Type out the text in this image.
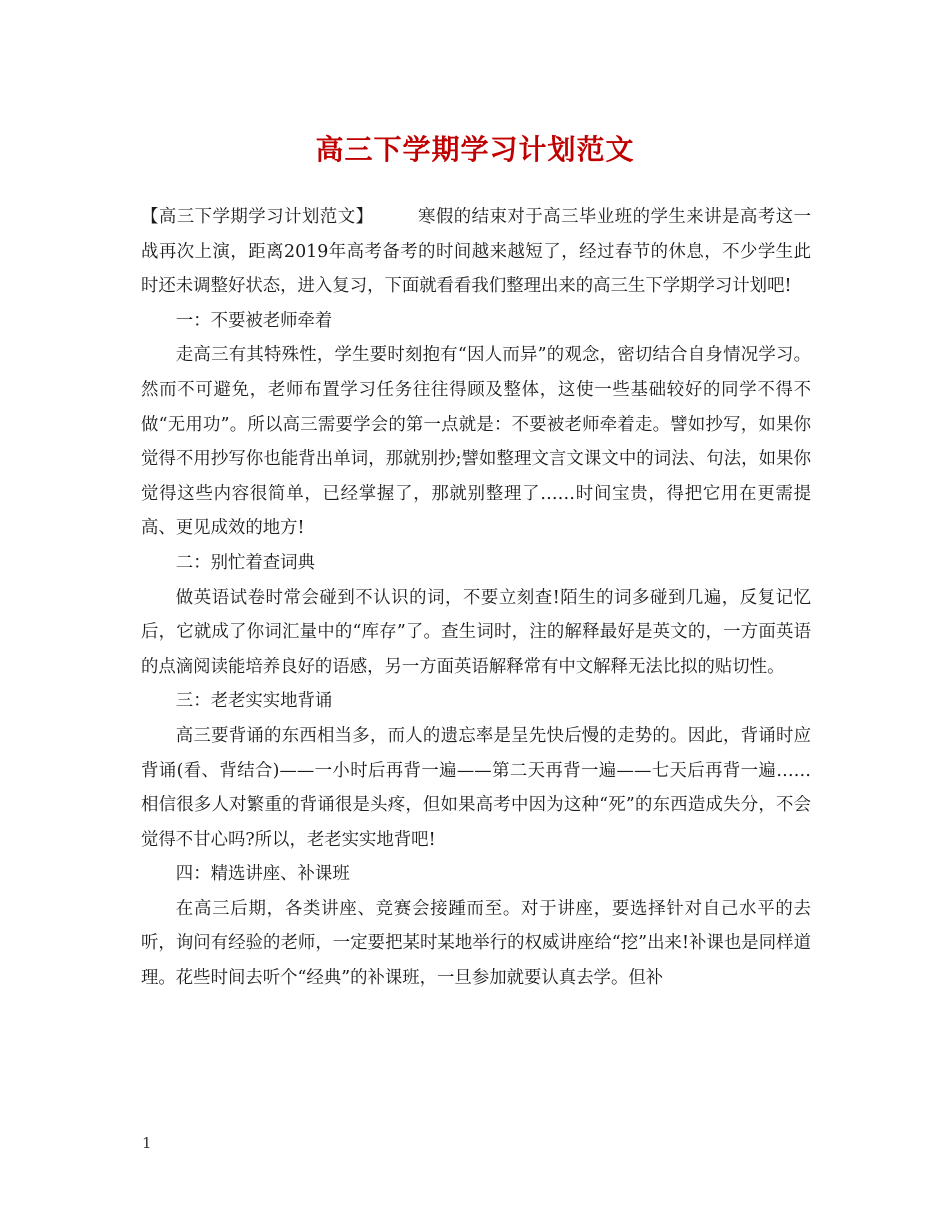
高三下学期学习计划范文

【高三下学期学习计划范文】	寒假的结束对于高三毕业班的学生来讲是高考这一战再次上演，距离2019年高考备考的时间越来越短了，经过春节的休息，不少学生此时还未调整好状态，进入复习，下面就看看我们整理出来的高三生下学期学习计划吧!

一：不要被老师牵着

走高三有其特殊性，学生要时刻抱有“因人而异”的观念，密切结合自身情况学习。然而不可避免，老师布置学习任务往往得顾及整体，这使一些基础较好的同学不得不做“无用功”。所以高三需要学会的第一点就是：不要被老师牵着走。譬如抄写，如果你觉得不用抄写你也能背出单词，那就别抄;譬如整理文言文课文中的词法、句法，如果你觉得这些内容很简单，已经掌握了，那就别整理了……时间宝贵，得把它用在更需提高、更见成效的地方!

二：别忙着查词典

做英语试卷时常会碰到不认识的词，不要立刻查!陌生的词多碰到几遍，反复记忆后，它就成了你词汇量中的“库存”了。查生词时，注的解释最好是英文的，一方面英语的点滴阅读能培养良好的语感，另一方面英语解释常有中文解释无法比拟的贴切性。

三：老老实实地背诵

高三要背诵的东西相当多，而人的遗忘率是呈先快后慢的走势的。因此，背诵时应背诵(看、背结合)——一小时后再背一遍——第二天再背一遍——七天后再背一遍……相信很多人对繁重的背诵很是头疼，但如果高考中因为这种“死”的东西造成失分，不会觉得不甘心吗?所以，老老实实地背吧!

四：精选讲座、补课班

在高三后期，各类讲座、竞赛会接踵而至。对于讲座，要选择针对自己水平的去听，询问有经验的老师，一定要把某时某地举行的权威讲座给“挖”出来!补课也是同样道理。花些时间去听个“经典”的补课班，一旦参加就要认真去学。但补

1
